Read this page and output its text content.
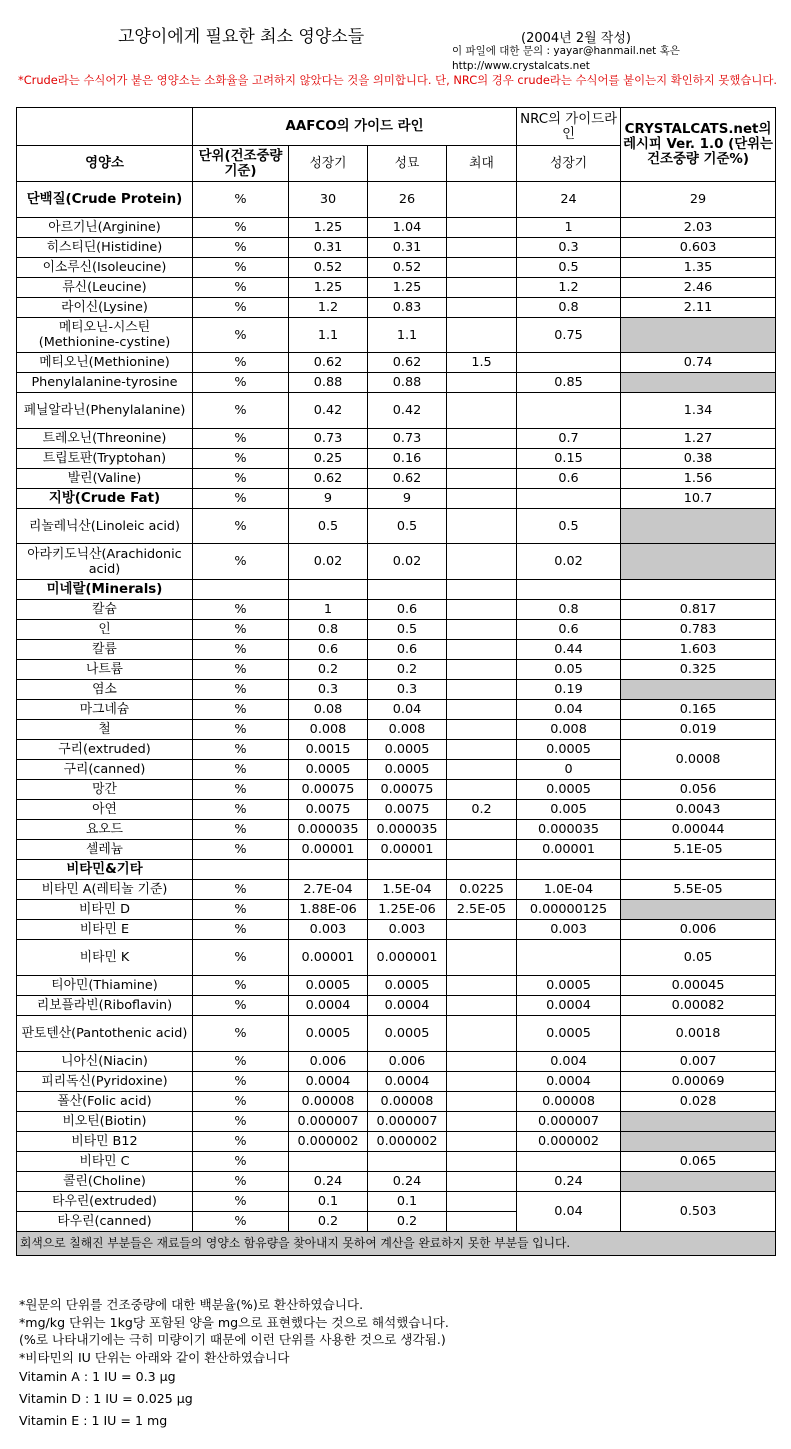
고양이에게 필요한 최소 영양소들	(2004년 2월 작성)
이 파일에 대한 문의 : yayar@hanmail.net 혹은
http://www.crystalcats.net
*Crude라는 수식어가 붙은 영양소는 소화율을 고려하지 않았다는 것을 의미합니다. 단, NRC의 경우 crude라는 수식어를 붙이는지 확인하지 못했습니다.
	AAFCO의 가이드 라인				NRC의 가이드라인	CRYSTALCATS.net의 레시피 Ver. 1.0 (단위는 건조중량 기준%)
영양소	단위(건조중량 기준)	성장기	성묘	최대	성장기	
단백질(Crude Protein)	%	30	26		24	29
아르기닌(Arginine)	%	1.25	1.04		1	2.03
히스티딘(Histidine)	%	0.31	0.31		0.3	0.603
이소루신(Isoleucine)	%	0.52	0.52		0.5	1.35
류신(Leucine)	%	1.25	1.25		1.2	2.46
라이신(Lysine)	%	1.2	0.83		0.8	2.11
메티오닌-시스틴(Methionine-cystine)	%	1.1	1.1		0.75	
메티오닌(Methionine)	%	0.62	0.62	1.5		0.74
Phenylalanine-tyrosine	%	0.88	0.88		0.85	
페닐알라닌(Phenylalanine)	%	0.42	0.42			1.34
트레오닌(Threonine)	%	0.73	0.73		0.7	1.27
트립토판(Tryptohan)	%	0.25	0.16		0.15	0.38
발린(Valine)	%	0.62	0.62		0.6	1.56
지방(Crude Fat)	%	9	9			10.7
리놀레닉산(Linoleic acid)	%	0.5	0.5		0.5	
아라키도닉산(Arachidonic acid)	%	0.02	0.02		0.02	
미네랄(Minerals)						
칼슘	%	1	0.6		0.8	0.817
인	%	0.8	0.5		0.6	0.783
칼륨	%	0.6	0.6		0.44	1.603
나트륨	%	0.2	0.2		0.05	0.325
염소	%	0.3	0.3		0.19	
마그네슘	%	0.08	0.04		0.04	0.165
철	%	0.008	0.008		0.008	0.019
구리(extruded)	%	0.0015	0.0005		0.0005	0.0008
구리(canned)	%	0.0005	0.0005		0	
망간	%	0.00075	0.00075		0.0005	0.056
아연	%	0.0075	0.0075	0.2	0.005	0.0043
요오드	%	0.000035	0.000035		0.000035	0.00044
셀레늄	%	0.00001	0.00001		0.00001	5.1E-05
비타민&기타						
비타민 A(레티놀 기준)	%	2.7E-04	1.5E-04	0.0225	1.0E-04	5.5E-05
비타민 D	%	1.88E-06	1.25E-06	2.5E-05	0.00000125	
비타민 E	%	0.003	0.003		0.003	0.006
비타민 K	%	0.00001	0.000001			0.05
티아민(Thiamine)	%	0.0005	0.0005		0.0005	0.00045
리보플라빈(Riboflavin)	%	0.0004	0.0004		0.0004	0.00082
판토텐산(Pantothenic acid)	%	0.0005	0.0005		0.0005	0.0018
니아신(Niacin)	%	0.006	0.006		0.004	0.007
피리독신(Pyridoxine)	%	0.0004	0.0004		0.0004	0.00069
폴산(Folic acid)	%	0.00008	0.00008		0.00008	0.028
비오틴(Biotin)	%	0.000007	0.000007		0.000007	
비타민 B12	%	0.000002	0.000002		0.000002	
비타민 C	%					0.065
콜린(Choline)	%	0.24	0.24		0.24	
타우린(extruded)	%	0.1	0.1		0.04	0.503
타우린(canned)	%	0.2	0.2			
회색으로 칠해진 부분들은 재료들의 영양소 함유량을 찾아내지 못하여 계산을 완료하지 못한 부분들 입니다.						
*원문의 단위를 건조중량에 대한 백분율(%)로 환산하였습니다.
*mg/kg 단위는 1kg당 포함된 양을 mg으로 표현했다는 것으로 해석했습니다.
(%로 나타내기에는 극히 미량이기 때문에 이런 단위를 사용한 것으로 생각됨.)
*비타민의 IU 단위는 아래와 같이 환산하였습니다
Vitamin A : 1 IU = 0.3 μg
Vitamin D : 1 IU = 0.025 μg
Vitamin E : 1 IU = 1 mg
